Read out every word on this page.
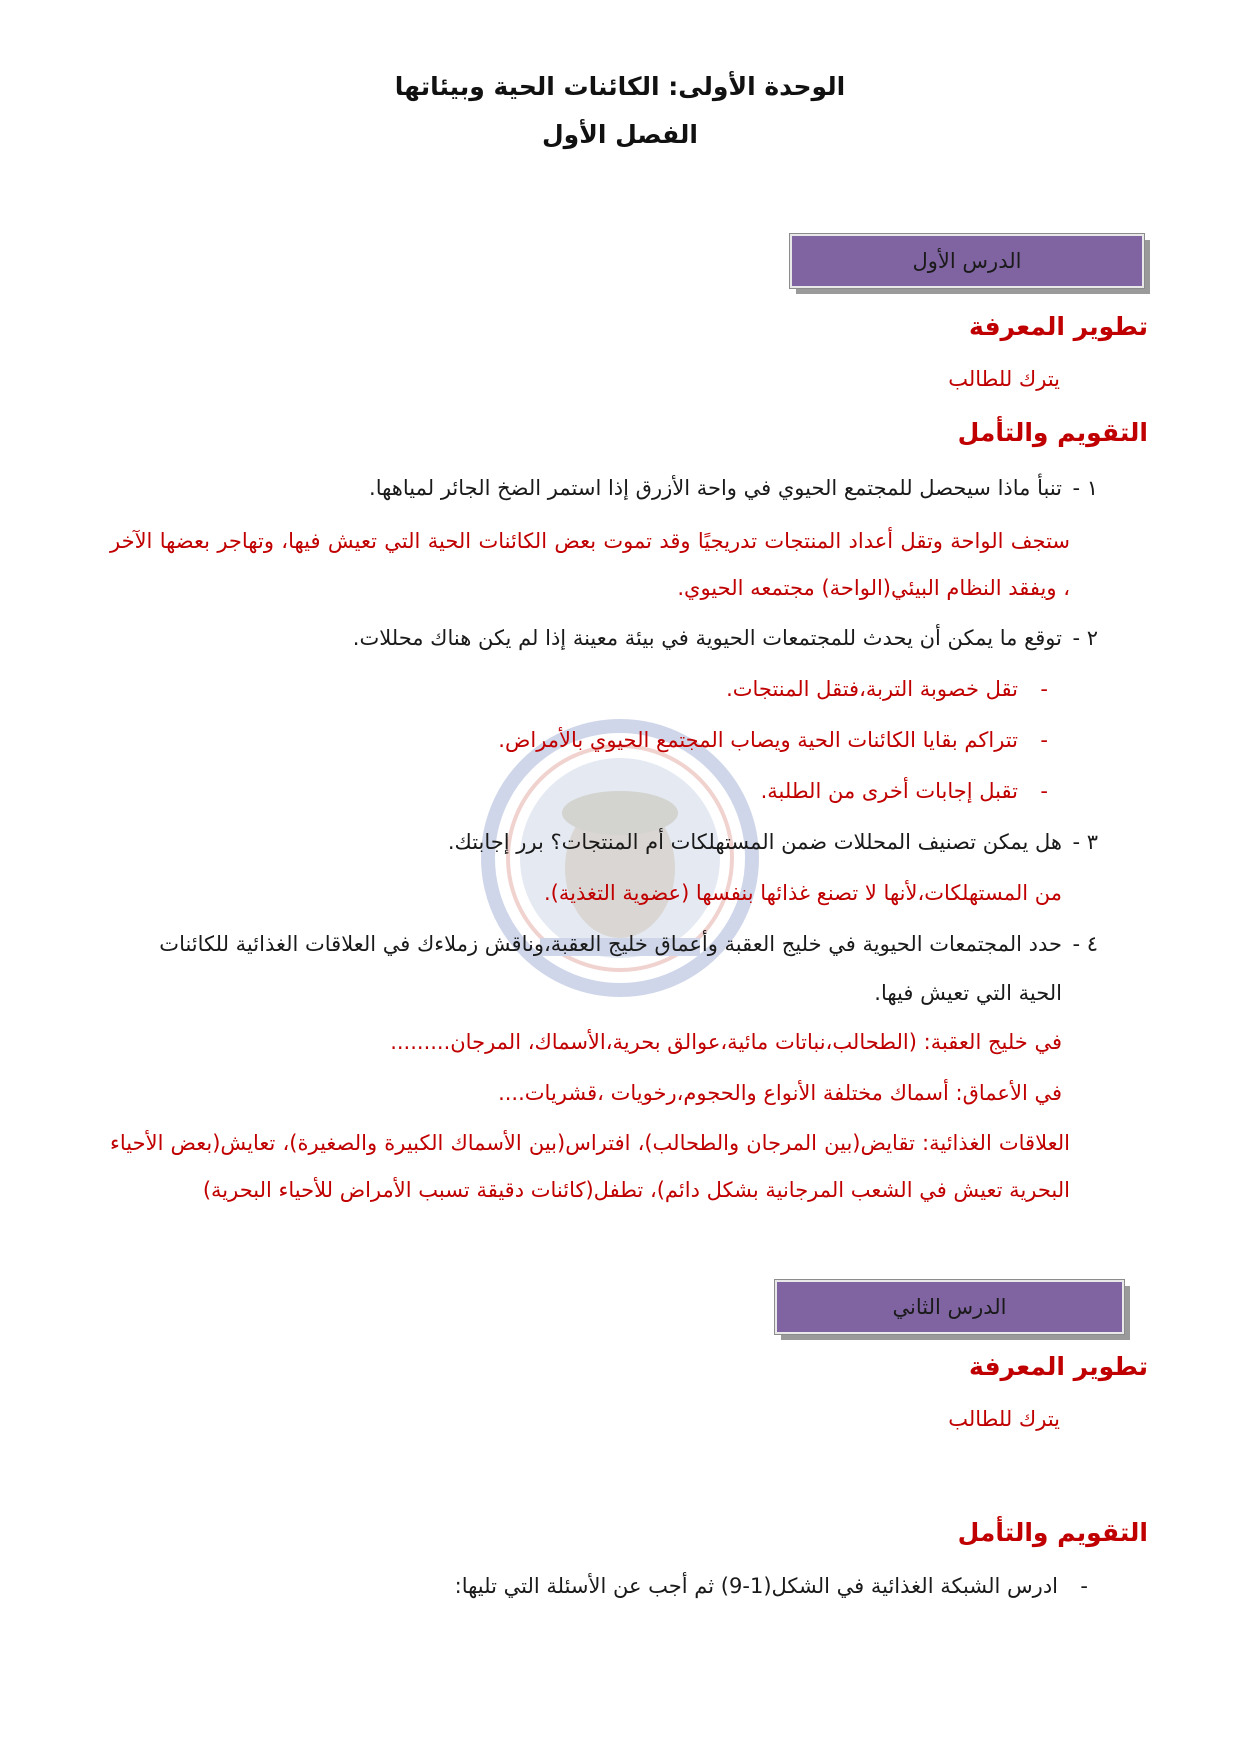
الوحدة الأولى: الكائنات الحية وبيئاتها
الفصل الأول
الدرس الأول
تطوير المعرفة
يترك للطالب
التقويم والتأمل
١ -
تنبأ ماذا سيحصل للمجتمع الحيوي في واحة الأزرق إذا استمر الضخ الجائر لمياهها.
ستجف الواحة وتقل أعداد المنتجات تدريجيًا وقد تموت بعض الكائنات الحية التي تعيش فيها، وتهاجر بعضها الآخر ، ويفقد النظام البيئي(الواحة) مجتمعه الحيوي.
٢ -
توقع ما يمكن أن يحدث للمجتمعات الحيوية في بيئة معينة إذا لم يكن هناك محللات.
-
تقل خصوبة التربة،فتقل المنتجات.
-
تتراكم بقايا الكائنات الحية ويصاب المجتمع الحيوي بالأمراض.
-
تقبل إجابات أخرى من الطلبة.
٣ -
هل يمكن تصنيف المحللات ضمن المستهلكات أم المنتجات؟ برر إجابتك.
من المستهلكات،لأنها لا تصنع غذائها بنفسها (عضوية التغذية).
٤ -
حدد المجتمعات الحيوية في خليج العقبة وأعماق خليج العقبة،وناقش زملاءك في العلاقات الغذائية للكائنات
الحية التي تعيش فيها.
في خليج العقبة: (الطحالب،نباتات مائية،عوالق بحرية،الأسماك، المرجان.........
في الأعماق: أسماك مختلفة الأنواع والحجوم،رخويات ،قشريات....
العلاقات الغذائية: تقايض(بين المرجان والطحالب)، افتراس(بين الأسماك الكبيرة والصغيرة)، تعايش(بعض الأحياء البحرية تعيش في الشعب المرجانية بشكل دائم)، تطفل(كائنات دقيقة تسبب الأمراض للأحياء البحرية)
الدرس الثاني
تطوير المعرفة
يترك للطالب
التقويم والتأمل
-
ادرس الشبكة الغذائية في الشكل(1-9) ثم أجب عن الأسئلة التي تليها:
